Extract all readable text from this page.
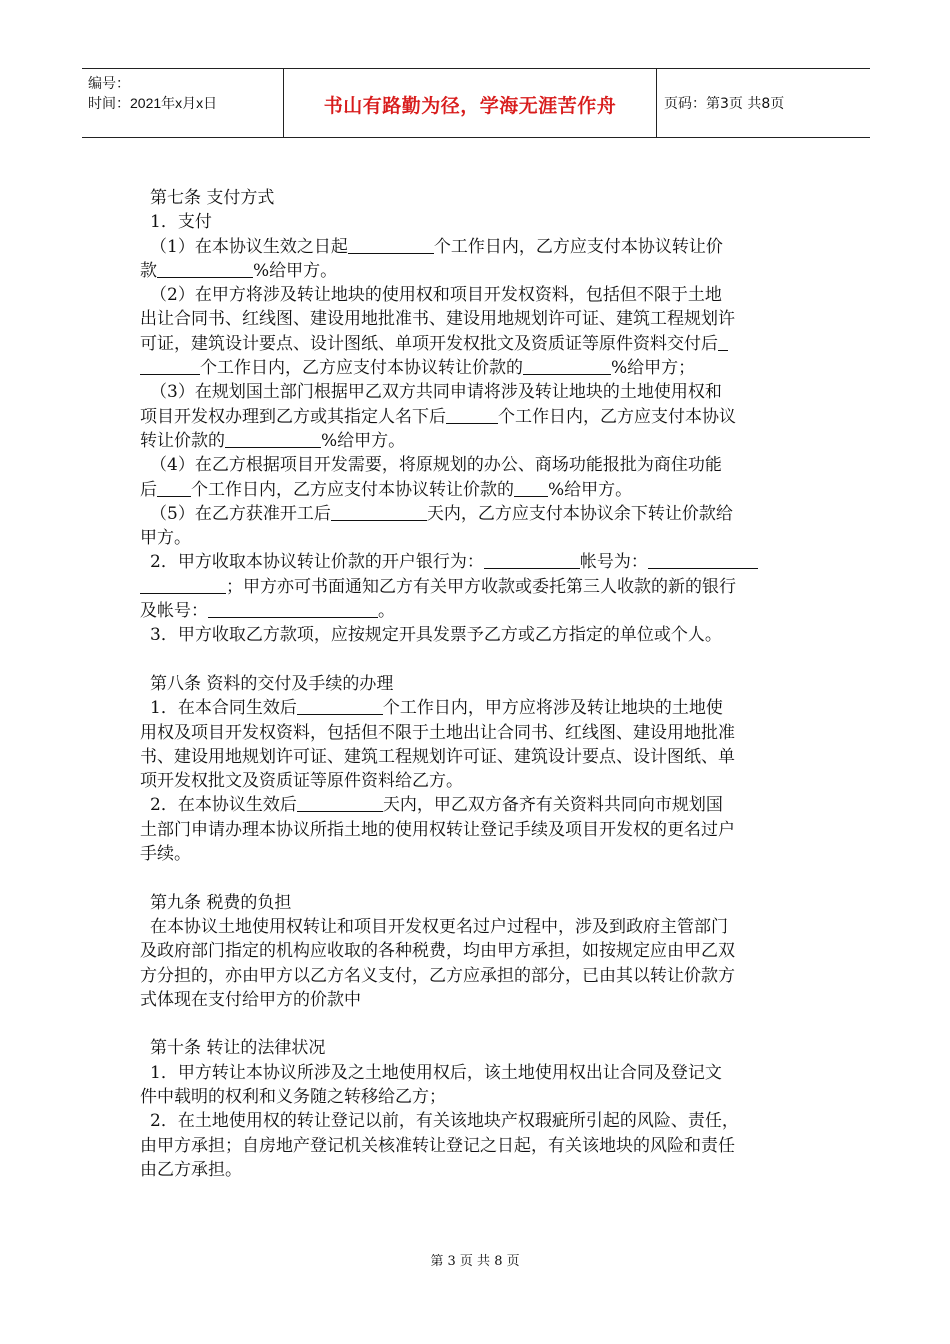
编号：
时间：2021年x月x日	书山有路勤为径，学海无涯苦作舟	页码：第3页 共8页
第七条 支付方式
1．支付
（1）在本协议生效之日起	个工作日内，乙方应支付本协议转让价
款	%给甲方。
（2）在甲方将涉及转让地块的使用权和项目开发权资料，包括但不限于土地
出让合同书、红线图、建设用地批准书、建设用地规划许可证、建筑工程规划许
可证，建筑设计要点、设计图纸、单项开发权批文及资质证等原件资料交付后
个工作日内，乙方应支付本协议转让价款的	%给甲方；
（3）在规划国土部门根据甲乙双方共同申请将涉及转让地块的土地使用权和
项目开发权办理到乙方或其指定人名下后	个工作日内，乙方应支付本协议
转让价款的	%给甲方。
（4）在乙方根据项目开发需要，将原规划的办公、商场功能报批为商住功能
后 个工作日内，乙方应支付本协议转让价款的 %给甲方。
（5）在乙方获准开工后	天内，乙方应支付本协议余下转让价款给
甲方。
2．甲方收取本协议转让价款的开户银行为：	帐号为：
；甲方亦可书面通知乙方有关甲方收款或委托第三人收款的新的银行
及帐号：	。
3．甲方收取乙方款项，应按规定开具发票予乙方或乙方指定的单位或个人。
第八条 资料的交付及手续的办理
1．在本合同生效后	个工作日内，甲方应将涉及转让地块的土地使
用权及项目开发权资料，包括但不限于土地出让合同书、红线图、建设用地批准
书、建设用地规划许可证、建筑工程规划许可证、建筑设计要点、设计图纸、单
项开发权批文及资质证等原件资料给乙方。
2．在本协议生效后	天内，甲乙双方备齐有关资料共同向市规划国
土部门申请办理本协议所指土地的使用权转让登记手续及项目开发权的更名过户
手续。
第九条 税费的负担
在本协议土地使用权转让和项目开发权更名过户过程中，涉及到政府主管部门
及政府部门指定的机构应收取的各种税费，均由甲方承担，如按规定应由甲乙双
方分担的，亦由甲方以乙方名义支付，乙方应承担的部分，已由其以转让价款方
式体现在支付给甲方的价款中
第十条 转让的法律状况
1．甲方转让本协议所涉及之土地使用权后，该土地使用权出让合同及登记文
件中载明的权利和义务随之转移给乙方；
2．在土地使用权的转让登记以前，有关该地块产权瑕疵所引起的风险、责任，
由甲方承担；自房地产登记机关核准转让登记之日起，有关该地块的风险和责任
由乙方承担。
第 3 页 共 8 页
